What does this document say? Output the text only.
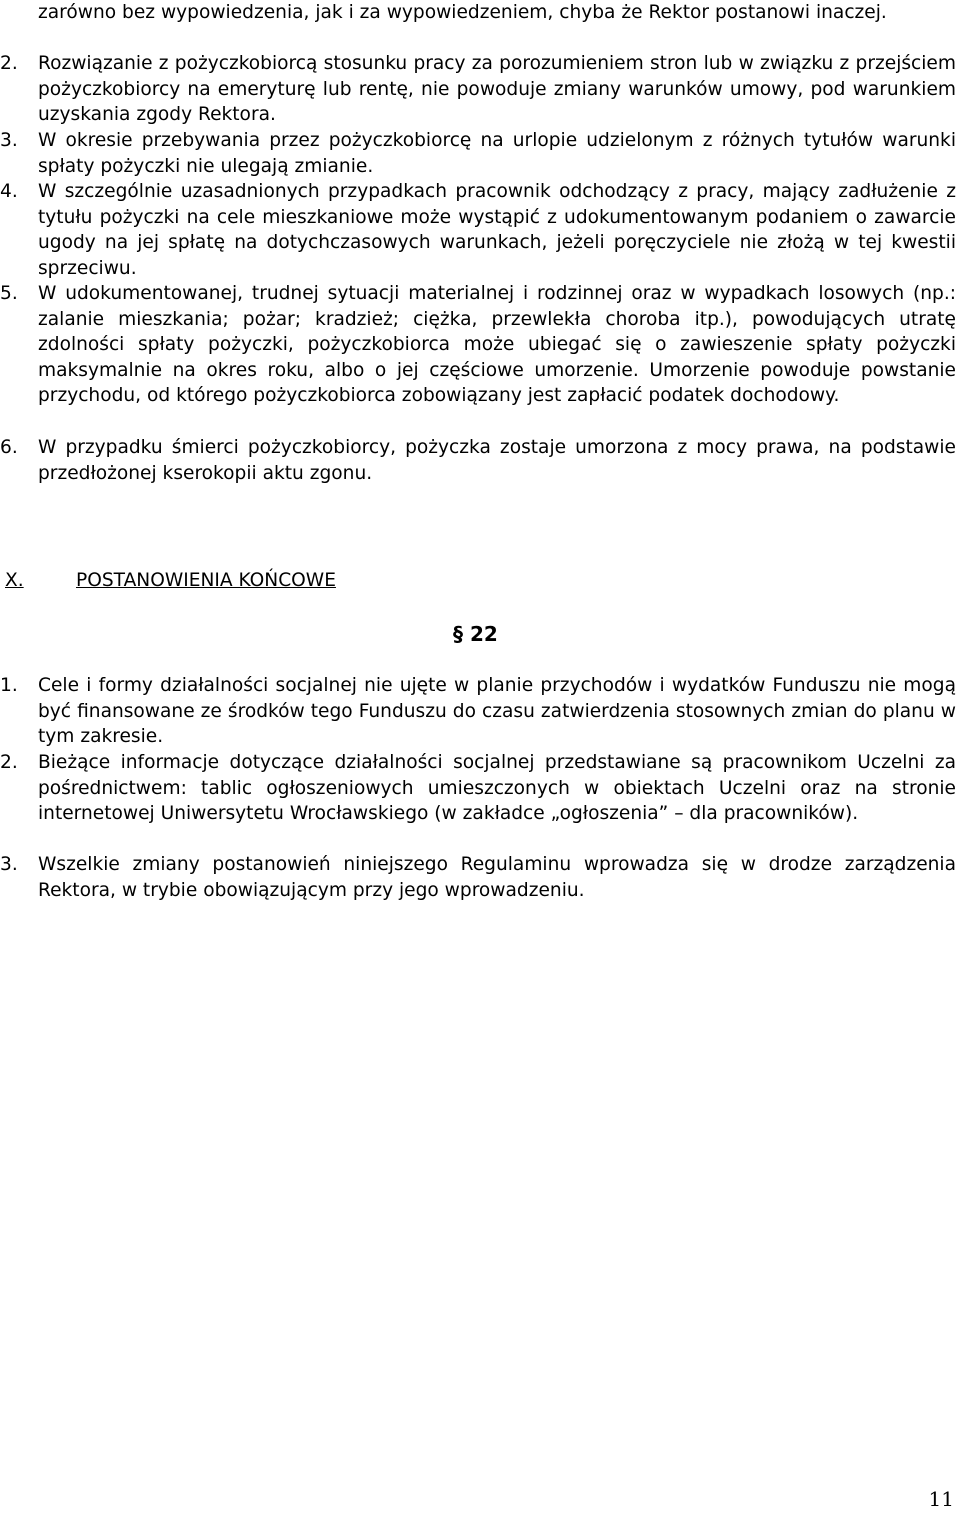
zarówno bez wypowiedzenia, jak i za wypowiedzeniem, chyba że Rektor postanowi inaczej.
2.	Rozwiązanie z pożyczkobiorcą stosunku pracy za porozumieniem stron lub w związku z przejściem pożyczkobiorcy na emeryturę lub rentę, nie powoduje zmiany warunków umowy, pod warunkiem uzyskania zgody Rektora.
3.	W okresie przebywania przez pożyczkobiorcę na urlopie udzielonym z różnych tytułów warunki spłaty pożyczki nie ulegają zmianie.
4.	W szczególnie uzasadnionych przypadkach pracownik odchodzący z pracy, mający zadłużenie z tytułu pożyczki na cele mieszkaniowe może wystąpić z udokumentowanym podaniem o zawarcie ugody na jej spłatę na dotychczasowych warunkach, jeżeli poręczyciele nie złożą w tej kwestii sprzeciwu.
5.	W udokumentowanej, trudnej sytuacji materialnej i rodzinnej oraz w wypadkach losowych (np.: zalanie mieszkania; pożar; kradzież; ciężka, przewlekła choroba itp.), powodujących utratę zdolności spłaty pożyczki, pożyczkobiorca może ubiegać się o zawieszenie spłaty pożyczki maksymalnie na okres roku, albo o jej częściowe umorzenie. Umorzenie powoduje powstanie przychodu, od którego pożyczkobiorca zobowiązany jest zapłacić podatek dochodowy.
6.	W przypadku śmierci pożyczkobiorcy, pożyczka zostaje umorzona z mocy prawa, na podstawie przedłożonej kserokopii aktu zgonu.
X.	POSTANOWIENIA KOŃCOWE
§ 22
1.	Cele i formy działalności socjalnej nie ujęte w planie przychodów i wydatków Funduszu nie mogą być finansowane ze środków tego Funduszu do czasu zatwierdzenia stosownych zmian do planu w tym zakresie.
2.	Bieżące informacje dotyczące działalności socjalnej przedstawiane są pracownikom Uczelni za pośrednictwem: tablic ogłoszeniowych umieszczonych w obiektach Uczelni oraz na stronie internetowej Uniwersytetu Wrocławskiego (w zakładce „ogłoszenia” – dla pracowników).
3.	Wszelkie zmiany postanowień niniejszego Regulaminu wprowadza się w drodze zarządzenia Rektora, w trybie obowiązującym przy jego wprowadzeniu.
11
